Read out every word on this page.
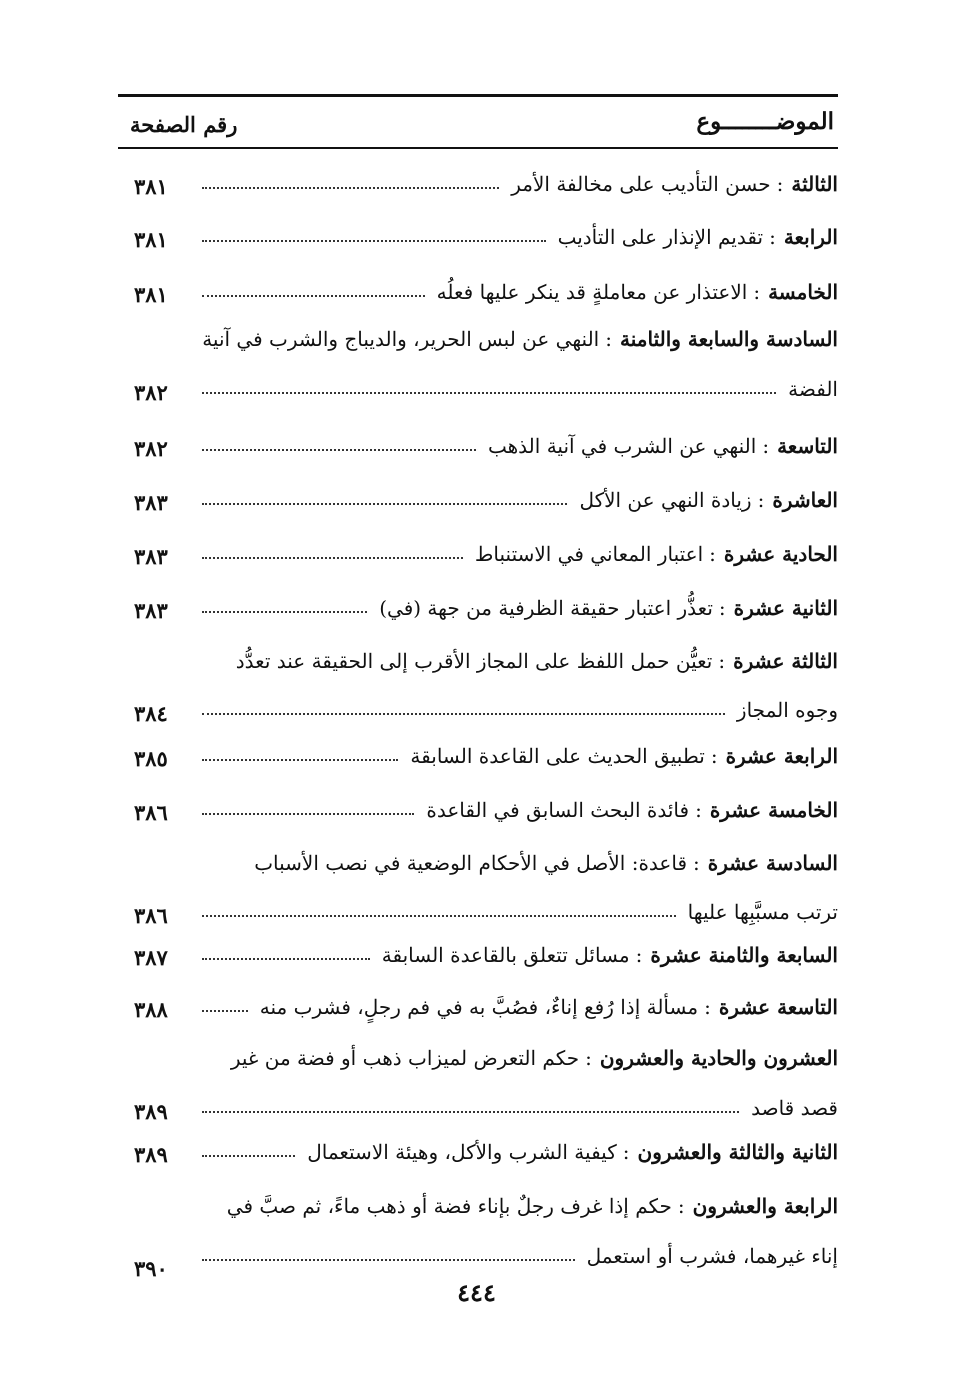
الموضــــــــوع
رقم الصفحة
الثالثة
:
حسن التأديب على مخالفة الأمر
٣٨١
الرابعة
:
تقديم الإنذار على التأديب
٣٨١
الخامسة
:
الاعتذار عن معاملةٍ قد ينكر عليها فعلُه
٣٨١
السادسة والسابعة والثامنة
:
النهي عن لبس الحرير، والديباج والشرب في آنية
الفضة
٣٨٢
التاسعة
:
النهي عن الشرب في آنية الذهب
٣٨٢
العاشرة
:
زيادة النهي عن الأكل
٣٨٣
الحادية عشرة
:
اعتبار المعاني في الاستنباط
٣٨٣
الثانية عشرة
:
تعذُّر اعتبار حقيقة الظرفية من جهة (في)
٣٨٣
الثالثة عشرة
:
تعيُّن حمل اللفظ على المجاز الأقرب إلى الحقيقة عند تعدُّد
وجوه المجاز
٣٨٤
الرابعة عشرة
:
تطبيق الحديث على القاعدة السابقة
٣٨٥
الخامسة عشرة
:
فائدة البحث السابق في القاعدة
٣٨٦
السادسة عشرة
:
قاعدة: الأصل في الأحكام الوضعية في نصب الأسباب
ترتب مسبَّبِها عليها
٣٨٦
السابعة والثامنة عشرة
:
مسائل تتعلق بالقاعدة السابقة
٣٨٧
التاسعة عشرة
:
مسألة إذا رُفع إناءٌ، فصُبَّ به في فم رجلٍ، فشرب منه
٣٨٨
العشرون والحادية والعشرون
:
حكم التعرض لميزاب ذهب أو فضة من غير
قصد قاصد
٣٨٩
الثانية والثالثة والعشرون
:
كيفية الشرب والأكل، وهيئة الاستعمال
٣٨٩
الرابعة والعشرون
:
حكم إذا غرف رجلٌ بإناء فضة أو ذهب ماءً، ثم صبَّ في
إناء غيرهما، فشرب أو استعمل
٣٩٠
٤٤٤
